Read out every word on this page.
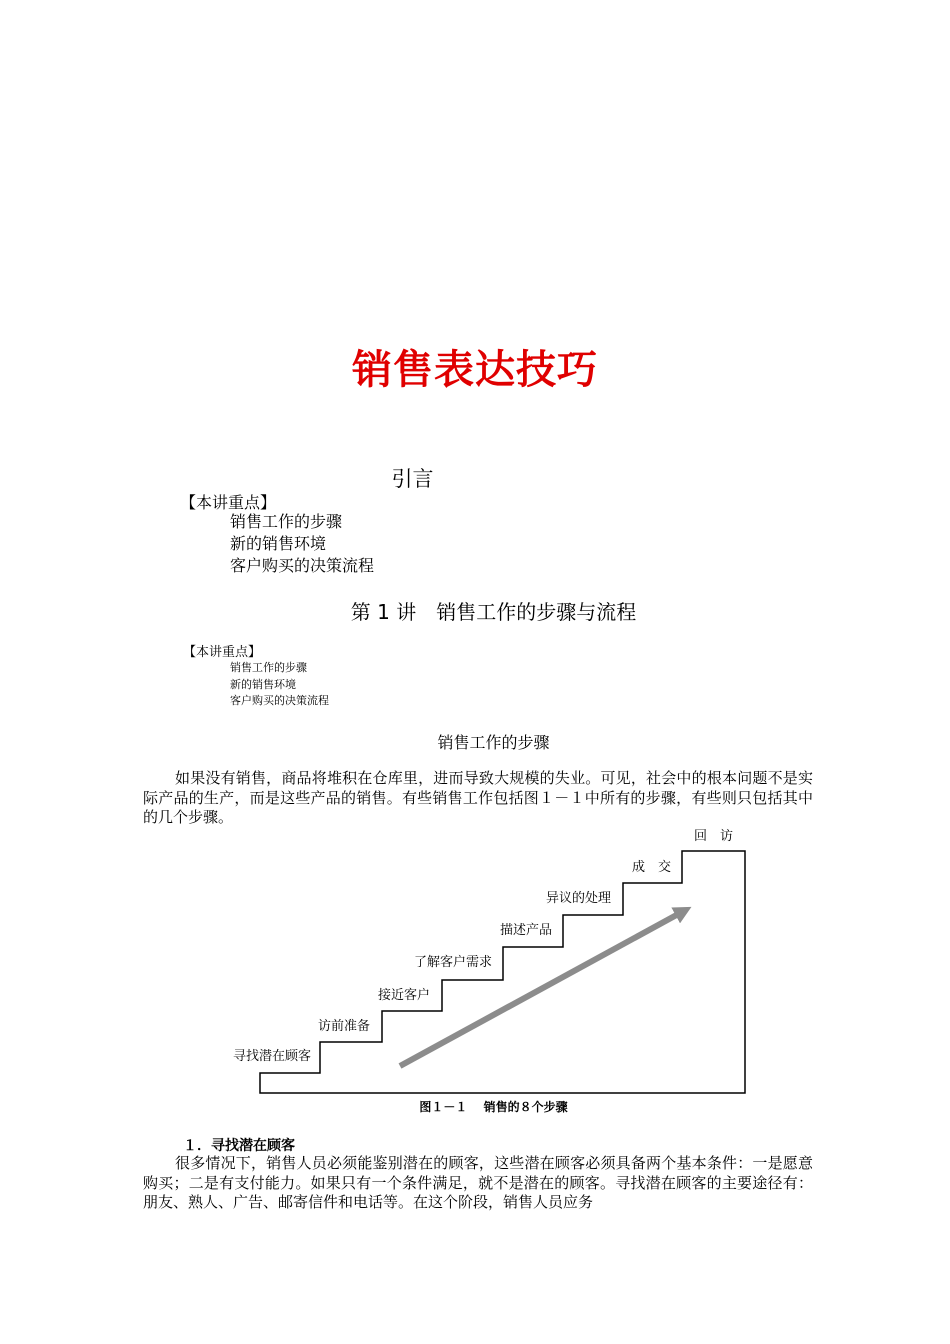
销售表达技巧
引言
【本讲重点】
销售工作的步骤
新的销售环境
客户购买的决策流程
第 1 讲　销售工作的步骤与流程
【本讲重点】
销售工作的步骤
新的销售环境
客户购买的决策流程
销售工作的步骤
如果没有销售，商品将堆积在仓库里，进而导致大规模的失业。可见，社会中的根本问题不是实际产品的生产，而是这些产品的销售。有些销售工作包括图１－１中所有的步骤，有些则只包括其中的几个步骤。
寻找潜在顾客
访前准备
接近客户
了解客户需求
描述产品
异议的处理
成　交
回　访
图１－１　 销售的８个步骤
１．寻找潜在顾客
很多情况下，销售人员必须能鉴别潜在的顾客，这些潜在顾客必须具备两个基本条件：一是愿意购买；二是有支付能力。如果只有一个条件满足，就不是潜在的顾客。寻找潜在顾客的主要途径有：朋友、熟人、广告、邮寄信件和电话等。在这个阶段，销售人员应务
